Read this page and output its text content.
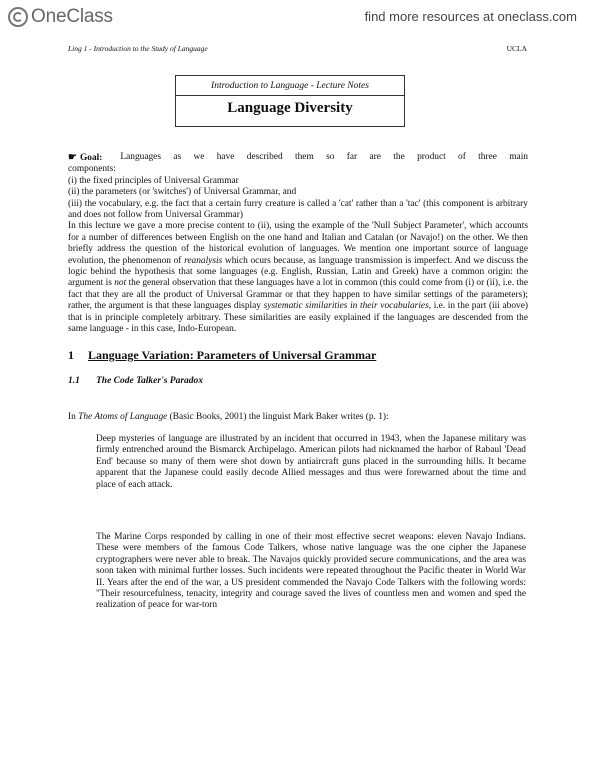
OneClass	find more resources at oneclass.com
Ling 1 - Introduction to the Study of Language	UCLA
Introduction to Language - Lecture Notes
Language Diversity
☛ Goal: Languages as we have described them so far are the product of three main
components:
(i) the fixed principles of Universal Grammar
(ii) the parameters (or 'switches') of Universal Grammar, and
(iii) the vocabulary, e.g. the fact that a certain furry creature is called a 'cat' rather than a 'tac' (this component is arbitrary and does not follow from Universal Grammar)
In this lecture we gave a more precise content to (ii), using the example of the 'Null Subject Parameter', which accounts for a number of differences between English on the one hand and Italian and Catalan (or Navajo!) on the other. We then briefly address the question of the historical evolution of languages. We mention one important source of language evolution, the phenomenon of reanalysis which ocurs because, as language transmission is imperfect. And we discuss the logic behind the hypothesis that some languages (e.g. English, Russian, Latin and Greek) have a common origin: the argument is not the general observation that these languages have a lot in common (this could come from (i) or (ii), i.e. the fact that they are all the product of Universal Grammar or that they happen to have similar settings of the parameters); rather, the argument is that these languages display systematic similarities in their vocabularies, i.e. in the part (iii above) that is in principle completely arbitrary. These similarities are easily explained if the languages are descended from the same language - in this case, Indo-European.
1 Language Variation: Parameters of Universal Grammar
1.1 The Code Talker's Paradox
In The Atoms of Language (Basic Books, 2001) the linguist Mark Baker writes (p. 1):
Deep mysteries of language are illustrated by an incident that occurred in 1943, when the Japanese military was firmly entrenched around the Bismarck Archipelago. American pilots had nicknamed the harbor of Rabaul 'Dead End' because so many of them were shot down by antiaircraft guns placed in the surrounding hills. It became apparent that the Japanese could easily decode Allied messages and thus were forewarned about the time and place of each attack.
The Marine Corps responded by calling in one of their most effective secret weapons: eleven Navajo Indians. These were members of the famous Code Talkers, whose native language was the one cipher the Japanese cryptographers were never able to break. The Navajos quickly provided secure communications, and the area was soon taken with minimal further losses. Such incidents were repeated throughout the Pacific theater in World War II. Years after the end of the war, a US president commended the Navajo Code Talkers with the following words: "Their resourcefulness, tenacity, integrity and courage saved the lives of countless men and women and sped the realization of peace for war-torn
